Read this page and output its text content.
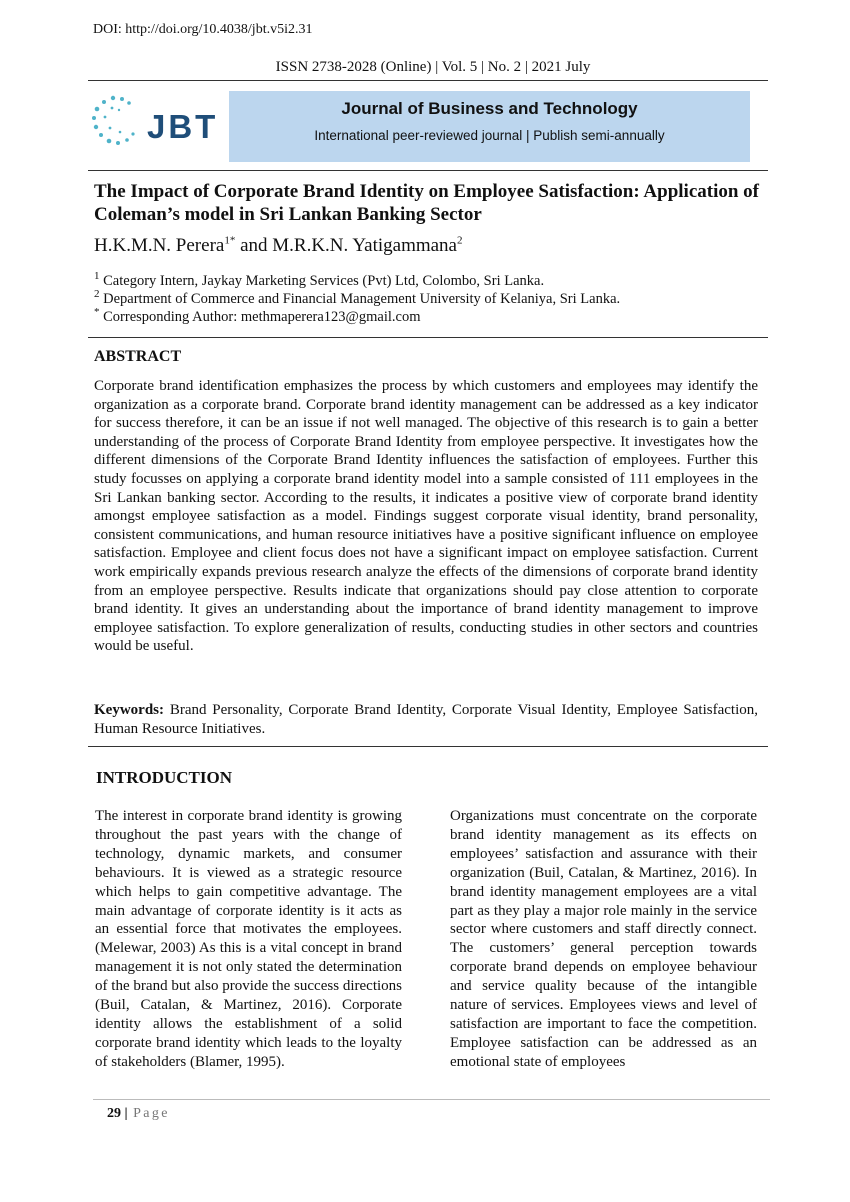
DOI: http://doi.org/10.4038/jbt.v5i2.31
ISSN 2738-2028 (Online) | Vol. 5 | No. 2 | 2021 July
JBT	Journal of Business and Technology
International peer-reviewed journal | Publish semi-annually
The Impact of Corporate Brand Identity on Employee Satisfaction: Application of Coleman’s model in Sri Lankan Banking Sector
H.K.M.N. Perera$^{1*}$ and M.R.K.N. Yatigammana$^2$
$^1$ Category Intern, Jaykay Marketing Services (Pvt) Ltd, Colombo, Sri Lanka.
$^2$ Department of Commerce and Financial Management University of Kelaniya, Sri Lanka.
* Corresponding Author: methmaperera123@gmail.com
ABSTRACT
Corporate brand identification emphasizes the process by which customers and employees may identify the organization as a corporate brand. Corporate brand identity management can be addressed as a key indicator for success therefore, it can be an issue if not well managed. The objective of this research is to gain a better understanding of the process of Corporate Brand Identity from employee perspective. It investigates how the different dimensions of the Corporate Brand Identity influences the satisfaction of employees. Further this study focusses on applying a corporate brand identity model into a sample consisted of 111 employees in the Sri Lankan banking sector. According to the results, it indicates a positive view of corporate brand identity amongst employee satisfaction as a model. Findings suggest corporate visual identity, brand personality, consistent communications, and human resource initiatives have a positive significant influence on employee satisfaction. Employee and client focus does not have a significant impact on employee satisfaction. Current work empirically expands previous research analyze the effects of the dimensions of corporate brand identity from an employee perspective. Results indicate that organizations should pay close attention to corporate brand identity. It gives an understanding about the importance of brand identity management to improve employee satisfaction. To explore generalization of results, conducting studies in other sectors and countries would be useful.
Keywords: Brand Personality, Corporate Brand Identity, Corporate Visual Identity, Employee Satisfaction, Human Resource Initiatives.
INTRODUCTION
The interest in corporate brand identity is growing throughout the past years with the change of technology, dynamic markets, and consumer behaviours. It is viewed as a strategic resource which helps to gain competitive advantage. The main advantage of corporate identity is it acts as an essential force that motivates the employees. (Melewar, 2003) As this is a vital concept in brand management it is not only stated the determination of the brand but also provide the success directions (Buil, Catalan, & Martinez, 2016). Corporate identity allows the establishment of a solid corporate brand identity which leads to the loyalty of stakeholders (Blamer, 1995).
Organizations must concentrate on the corporate brand identity management as its effects on employees’ satisfaction and assurance with their organization (Buil, Catalan, & Martinez, 2016). In brand identity management employees are a vital part as they play a major role mainly in the service sector where customers and staff directly connect. The customers’ general perception towards corporate brand depends on employee behaviour and service quality because of the intangible nature of services. Employees views and level of satisfaction are important to face the competition. Employee satisfaction can be addressed as an emotional state of employees
29 | Page
